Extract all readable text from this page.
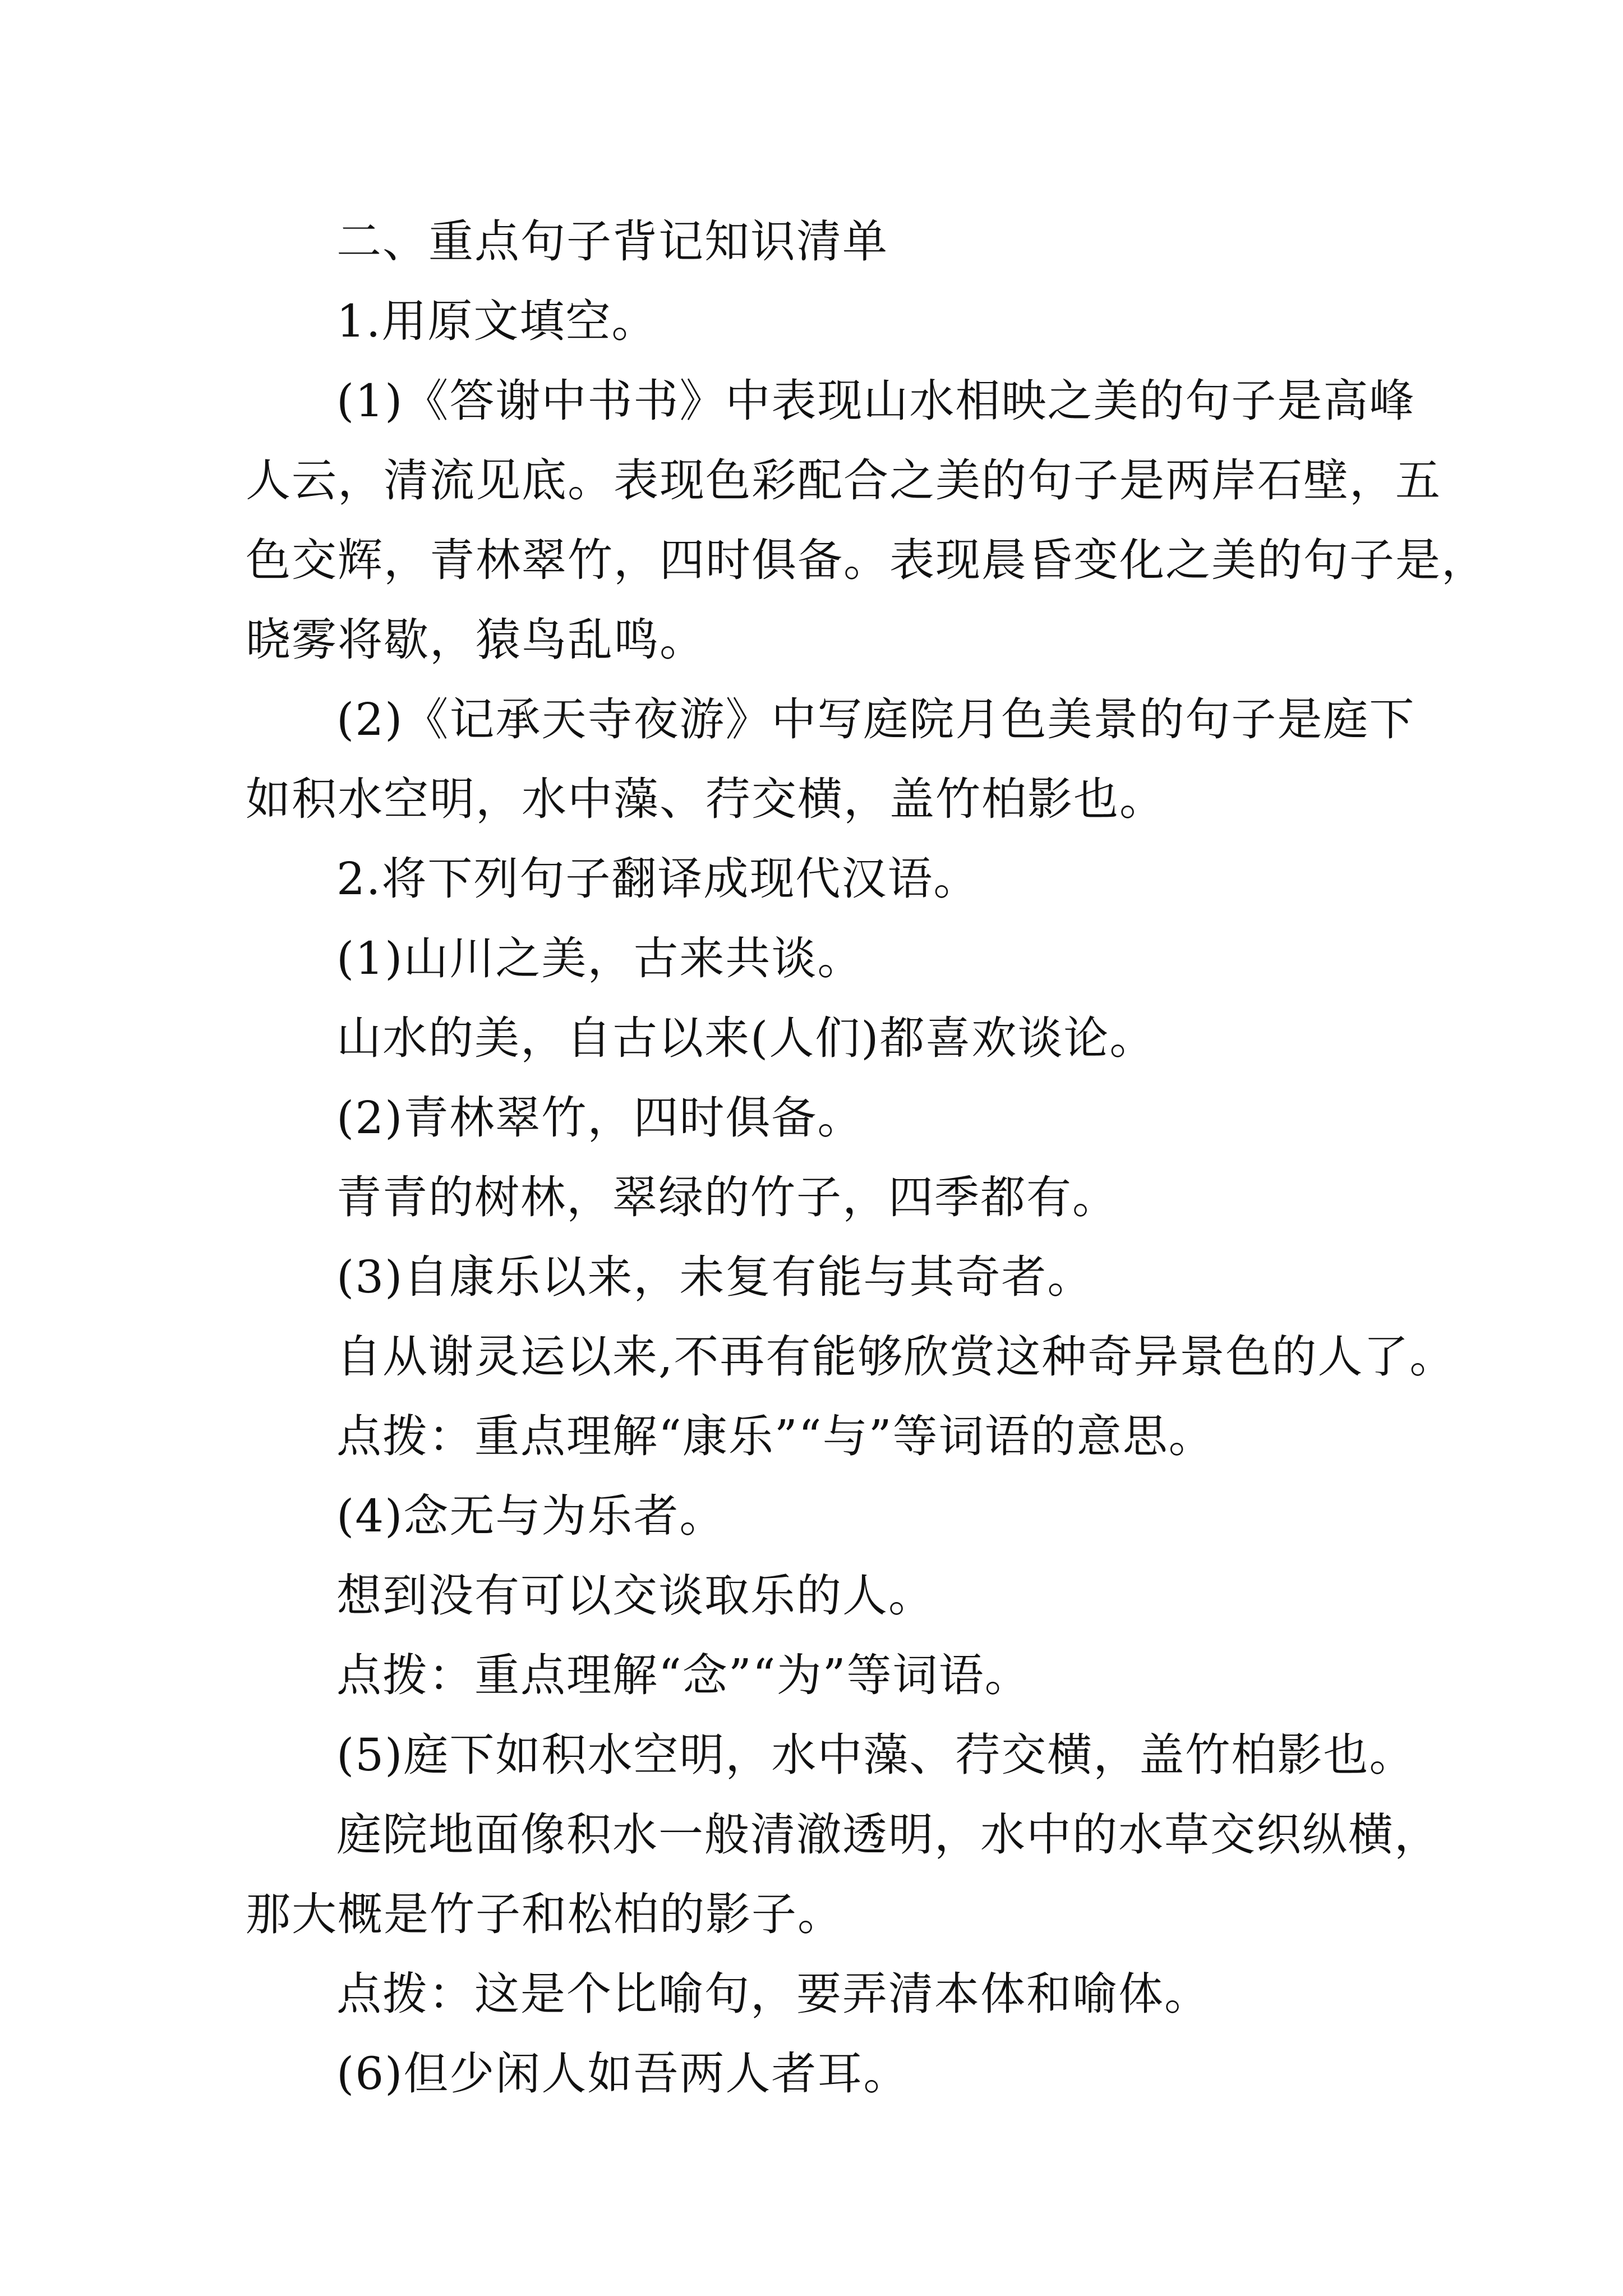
二、重点句子背记知识清单
1.用原文填空。
(1)《答谢中书书》中表现山水相映之美的句子是高峰
人云，清流见底。表现色彩配合之美的句子是两岸石壁，五
色交辉，青林翠竹，四时俱备。表现晨昏变化之美的句子是，
晓雾将歇，猿鸟乱鸣。
(2)《记承天寺夜游》中写庭院月色美景的句子是庭下
如积水空明，水中藻、荇交横，盖竹柏影也。
2.将下列句子翻译成现代汉语。
(1)山川之美，古来共谈。
山水的美，自古以来(人们)都喜欢谈论。
(2)青林翠竹，四时俱备。
青青的树林，翠绿的竹子，四季都有。
(3)自康乐以来，未复有能与其奇者。
自从谢灵运以来,不再有能够欣赏这种奇异景色的人了。
点拨：重点理解“康乐”“与”等词语的意思。
(4)念无与为乐者。
想到没有可以交谈取乐的人。
点拨：重点理解“念”“为”等词语。
(5)庭下如积水空明，水中藻、荇交横，盖竹柏影也。
庭院地面像积水一般清澈透明，水中的水草交织纵横，
那大概是竹子和松柏的影子。
点拨：这是个比喻句，要弄清本体和喻体。
(6)但少闲人如吾两人者耳。
